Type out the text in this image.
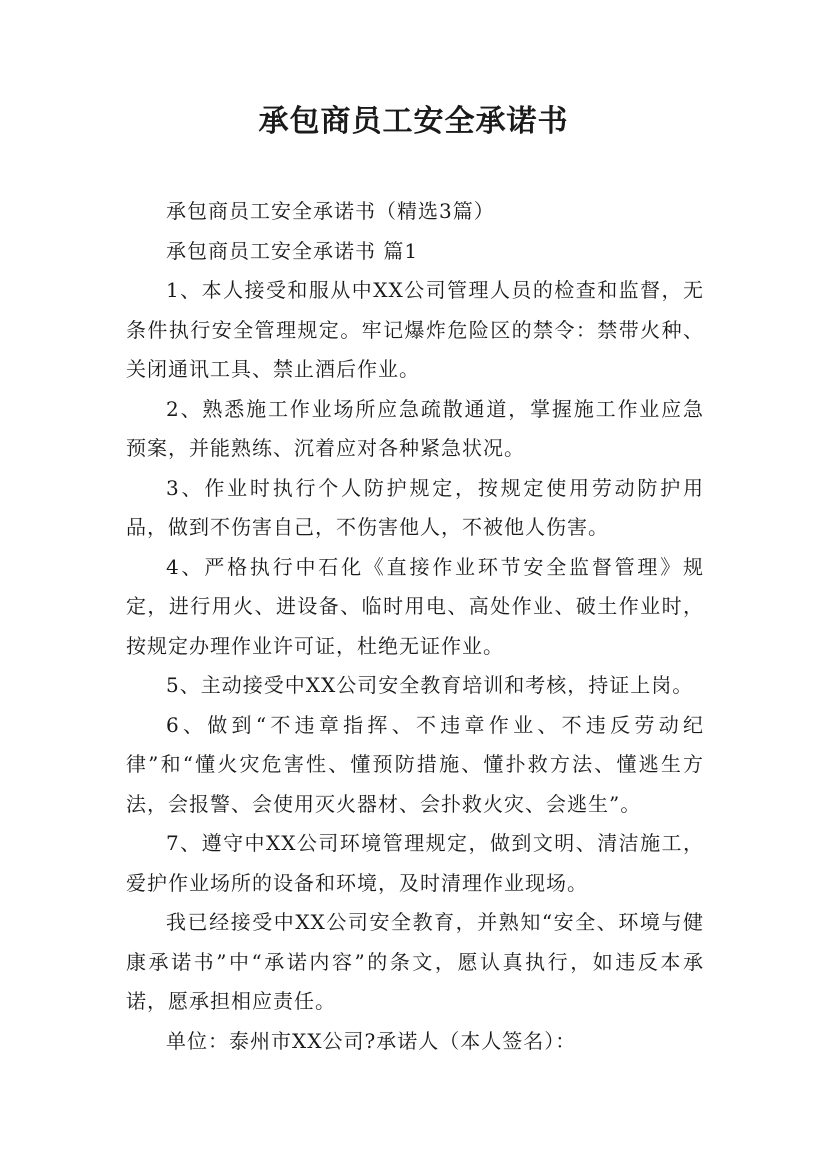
承包商员工安全承诺书

承包商员工安全承诺书（精选3篇）

承包商员工安全承诺书 篇1

1、本人接受和服从中XX公司管理人员的检查和监督，无条件执行安全管理规定。牢记爆炸危险区的禁令：禁带火种、关闭通讯工具、禁止酒后作业。

2、熟悉施工作业场所应急疏散通道，掌握施工作业应急预案，并能熟练、沉着应对各种紧急状况。

3、作业时执行个人防护规定，按规定使用劳动防护用品，做到不伤害自己，不伤害他人，不被他人伤害。

4、严格执行中石化《直接作业环节安全监督管理》规定，进行用火、进设备、临时用电、高处作业、破土作业时，按规定办理作业许可证，杜绝无证作业。

5、主动接受中XX公司安全教育培训和考核，持证上岗。

6、做到“不违章指挥、不违章作业、不违反劳动纪律”和“懂火灾危害性、懂预防措施、懂扑救方法、懂逃生方法，会报警、会使用灭火器材、会扑救火灾、会逃生”。

7、遵守中XX公司环境管理规定，做到文明、清洁施工，爱护作业场所的设备和环境，及时清理作业现场。

我已经接受中XX公司安全教育，并熟知“安全、环境与健康承诺书”中“承诺内容”的条文，愿认真执行，如违反本承诺，愿承担相应责任。

单位：泰州市XX公司?承诺人（本人签名）：
